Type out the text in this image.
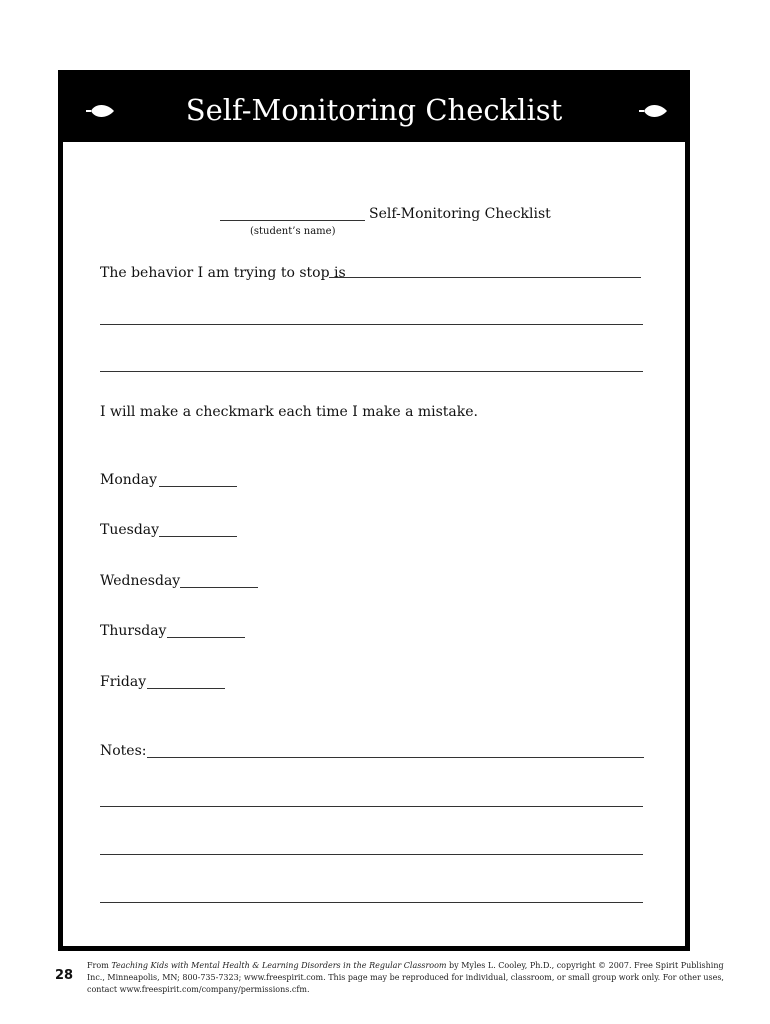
Self-Monitoring Checklist
Self-Monitoring Checklist
(student’s name)
The behavior I am trying to stop is
I will make a checkmark each time I make a mistake.
Monday
Tuesday
Wednesday
Thursday
Friday
Notes:
28
From Teaching Kids with Mental Health & Learning Disorders in the Regular Classroom by Myles L. Cooley, Ph.D., copyright © 2007. Free Spirit Publishing
Inc., Minneapolis, MN; 800-735-7323; www.freespirit.com. This page may be reproduced for individual, classroom, or small group work only. For other uses,
contact www.freespirit.com/company/permissions.cfm.
